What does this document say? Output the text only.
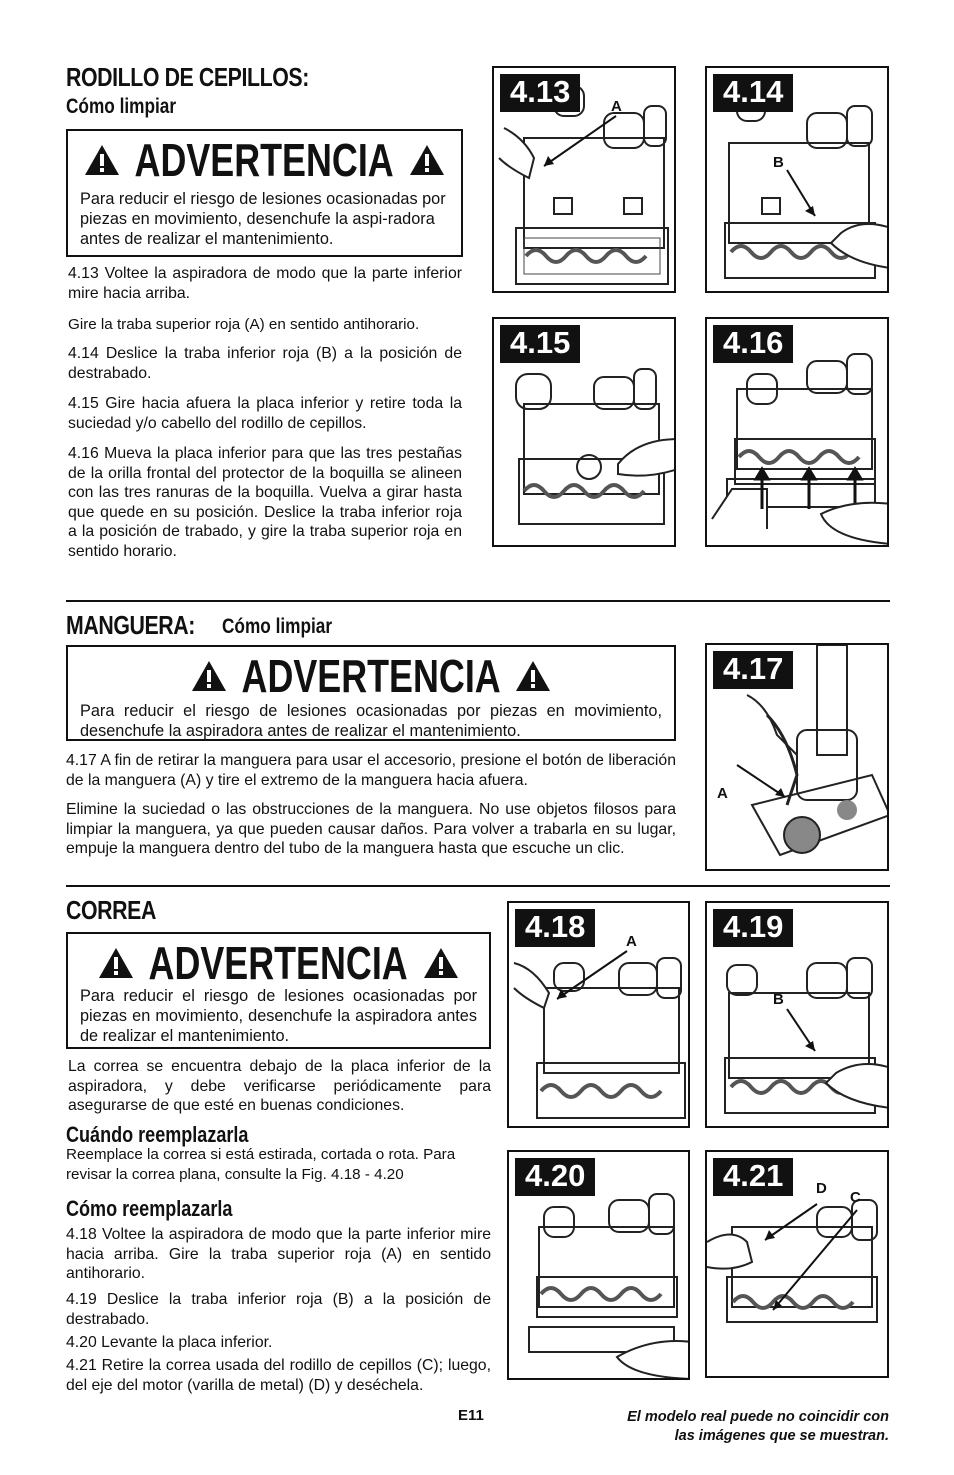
RODILLO DE CEPILLOS:
Cómo limpiar
ADVERTENCIA
Para reducir el riesgo de lesiones ocasionadas por piezas en movimiento, desenchufe la aspi-radora antes de realizar el mantenimiento.
4.13 Voltee la aspiradora de modo que la parte inferior mire hacia arriba.
Gire la traba superior roja (A) en sentido antihorario.
4.14 Deslice la traba inferior roja (B) a la posición de destrabado.
4.15 Gire hacia afuera la placa inferior y retire toda la suciedad y/o cabello del rodillo de cepillos.
4.16 Mueva la placa inferior para que las tres pestañas de la orilla frontal del protector de la boquilla se alineen con las tres ranuras de la boquilla. Vuelva a girar hasta que quede en su posición. Deslice la traba inferior roja a la posición de trabado, y gire la traba superior roja en sentido horario.
4.13	A	4.14
B
4.15	4.16
MANGUERA:	Cómo limpiar
ADVERTENCIA
Para reducir el riesgo de lesiones ocasionadas por piezas en movimiento, desenchufe la aspiradora antes de realizar el mantenimiento.
4.17 A fin de retirar la manguera para usar el accesorio, presione el botón de liberación de la manguera (A) y tire el extremo de la manguera hacia afuera.
Elimine la suciedad o las obstrucciones de la manguera. No use objetos filosos para limpiar la manguera, ya que pueden causar daños. Para volver a trabarla en su lugar, empuje la manguera dentro del tubo de la manguera hasta que escuche un clic.
4.17
A
CORREA
ADVERTENCIA
Para reducir el riesgo de lesiones ocasionadas por piezas en movimiento, desenchufe la aspiradora antes de realizar el mantenimiento.
La correa se encuentra debajo de la placa inferior de la aspiradora, y debe verificarse periódicamente para asegurarse de que esté en buenas condiciones.
Cuándo reemplazarla
Reemplace la correa si está estirada, cortada o rota. Para revisar la correa plana, consulte la Fig. 4.18 - 4.20
Cómo reemplazarla
4.18 Voltee la aspiradora de modo que la parte inferior mire hacia arriba. Gire la traba superior roja (A) en sentido antihorario.
4.19 Deslice la traba inferior roja (B) a la posición de destrabado.
4.20 Levante la placa inferior.
4.21 Retire la correa usada del rodillo de cepillos (C); luego, del eje del motor (varilla de metal) (D) y deséchela.
4.18	A	4.19
B
4.20	4.21	D
C
E11	El modelo real puede no coincidir con
las imágenes que se muestran.
